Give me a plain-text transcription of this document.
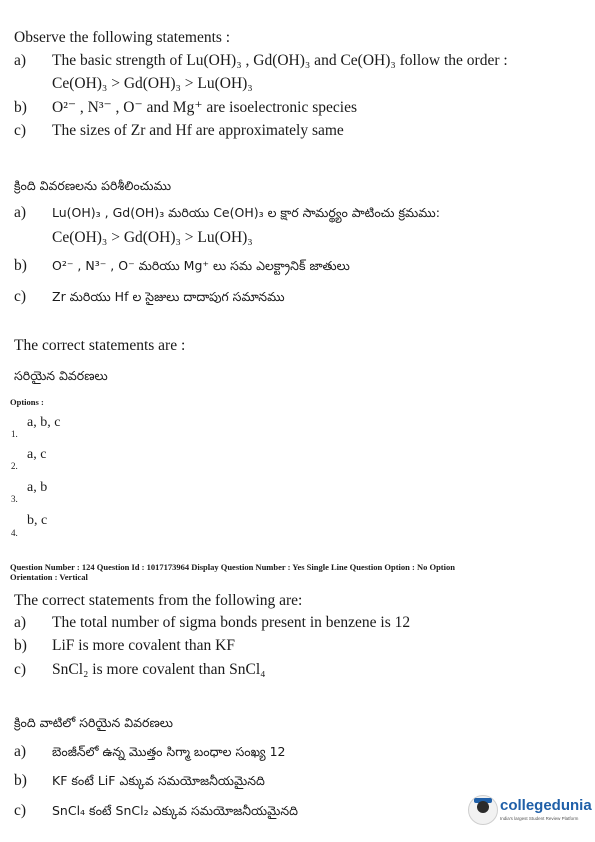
Observe the following statements :
a) The basic strength of Lu(OH)₃ , Gd(OH)₃ and Ce(OH)₃ follow the order :
Ce(OH)₃ > Gd(OH)₃ > Lu(OH)₃
b) O²⁻ , N³⁻ , O⁻ and Mg⁺ are isoelectronic species
c) The sizes of Zr and Hf are approximately same
క్రింది వివరణలను పరిశీలించుము
a) Lu(OH)₃ , Gd(OH)₃ మరియు Ce(OH)₃ ల క్షార సామర్థ్యం పాటించు క్రమము:
Ce(OH)₃ > Gd(OH)₃ > Lu(OH)₃
b) O²⁻ , N³⁻ , O⁻ మరియు Mg⁺ లు సమ ఎలక్ట్రానిక్ జాతులు
c) Zr మరియు Hf ల సైజులు దాదాపుగ సమానము
The correct statements are :
సరియైన వివరణలు
Options :
a, b, c
1.
a, c
2.
a, b
3.
b, c
4.
Question Number : 124 Question Id : 1017173964 Display Question Number : Yes Single Line Question Option : No Option
Orientation : Vertical
The correct statements from the following are:
a) The total number of sigma bonds present in benzene is 12
b) LiF is more covalent than KF
c) SnCl₂ is more covalent than SnCl₄
క్రింది వాటిలో సరియైన వివరణలు
a) బెంజీన్‌లో ఉన్న మొత్తం సిగ్మా బంధాల సంఖ్య 12
b) KF కంటే LiF ఎక్కువ సమయోజనీయమైనది
c) SnCl₄ కంటే SnCl₂ ఎక్కువ సమయోజనీయమైనది	collegedunia
India's largest Student Review Platform
